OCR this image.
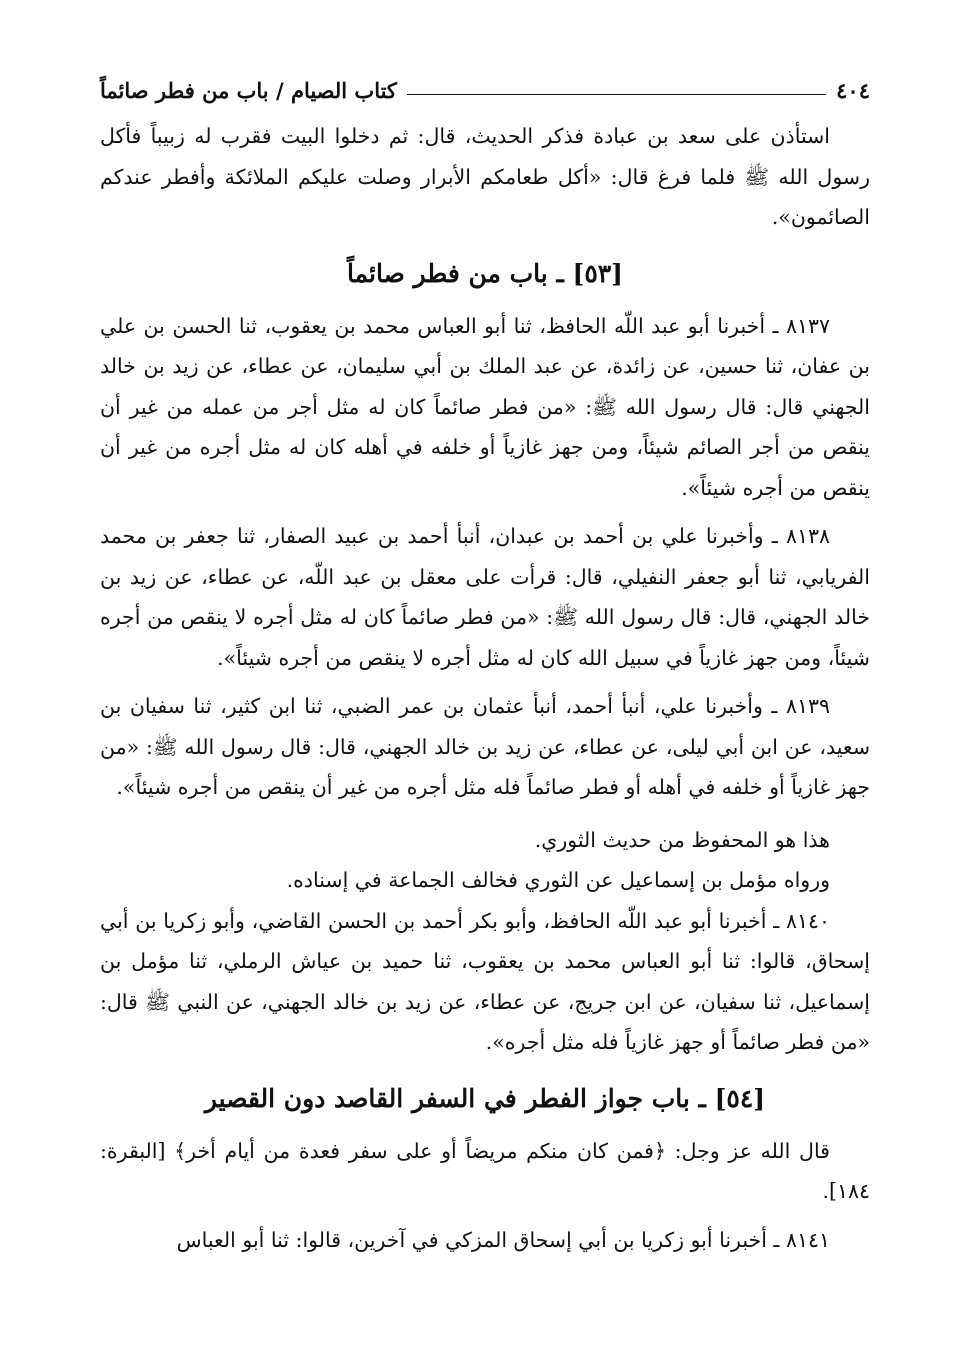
٤٠٤
كتاب الصيام / باب من فطر صائماً

استأذن على سعد بن عبادة فذكر الحديث، قال: ثم دخلوا البيت فقرب له زبيباً فأكل رسول الله ﷺ فلما فرغ قال: «أكل طعامكم الأبرار وصلت عليكم الملائكة وأفطر عندكم الصائمون».

[٥٣] ـ باب من فطر صائماً

٨١٣٧ ـ أخبرنا أبو عبد اللّه الحافظ، ثنا أبو العباس محمد بن يعقوب، ثنا الحسن بن علي بن عفان، ثنا حسين، عن زائدة، عن عبد الملك بن أبي سليمان، عن عطاء، عن زيد بن خالد الجهني قال: قال رسول الله ﷺ: «من فطر صائماً كان له مثل أجر من عمله من غير أن ينقص من أجر الصائم شيئاً، ومن جهز غازياً أو خلفه في أهله كان له مثل أجره من غير أن ينقص من أجره شيئاً».

٨١٣٨ ـ وأخبرنا علي بن أحمد بن عبدان، أنبأ أحمد بن عبيد الصفار، ثنا جعفر بن محمد الفريابي، ثنا أبو جعفر النفيلي، قال: قرأت على معقل بن عبد اللّه، عن عطاء، عن زيد بن خالد الجهني، قال: قال رسول الله ﷺ: «من فطر صائماً كان له مثل أجره لا ينقص من أجره شيئاً، ومن جهز غازياً في سبيل الله كان له مثل أجره لا ينقص من أجره شيئاً».

٨١٣٩ ـ وأخبرنا علي، أنبأ أحمد، أنبأ عثمان بن عمر الضبي، ثنا ابن كثير، ثنا سفيان بن سعيد، عن ابن أبي ليلى، عن عطاء، عن زيد بن خالد الجهني، قال: قال رسول الله ﷺ: «من جهز غازياً أو خلفه في أهله أو فطر صائماً فله مثل أجره من غير أن ينقص من أجره شيئاً».

هذا هو المحفوظ من حديث الثوري.

ورواه مؤمل بن إسماعيل عن الثوري فخالف الجماعة في إسناده.

٨١٤٠ ـ أخبرنا أبو عبد اللّه الحافظ، وأبو بكر أحمد بن الحسن القاضي، وأبو زكريا بن أبي إسحاق، قالوا: ثنا أبو العباس محمد بن يعقوب، ثنا حميد بن عياش الرملي، ثنا مؤمل بن إسماعيل، ثنا سفيان، عن ابن جريج، عن عطاء، عن زيد بن خالد الجهني، عن النبي ﷺ قال: «من فطر صائماً أو جهز غازياً فله مثل أجره».

[٥٤] ـ باب جواز الفطر في السفر القاصد دون القصير

قال الله عز وجل: ﴿فمن كان منكم مريضاً أو على سفر فعدة من أيام أخر﴾ [البقرة: ١٨٤].

٨١٤١ ـ أخبرنا أبو زكريا بن أبي إسحاق المزكي في آخرين، قالوا: ثنا أبو العباس
